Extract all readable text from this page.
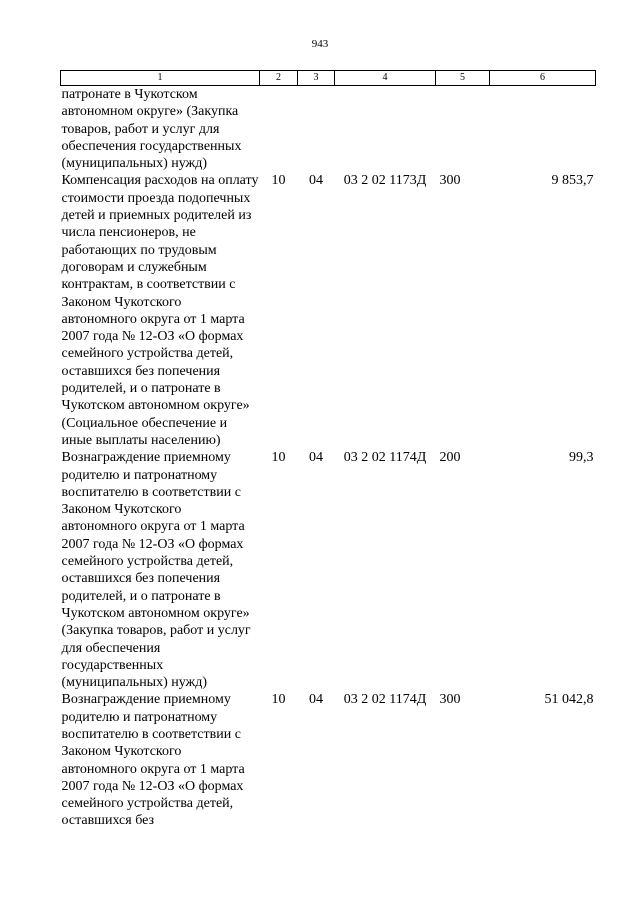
943
1	2	3	4	5	6
патронате в Чукотском автономном округе» (Закупка товаров, работ и услуг для обеспечения государственных (муниципальных) нужд)					
Компенсация расходов на оплату стоимости проезда подопечных детей и приемных родителей из числа пенсионеров, не работающих по трудовым договорам и служебным контрактам, в соответствии с Законом Чукотского автономного округа от 1 марта 2007 года № 12-ОЗ «О формах семейного устройства детей, оставшихся без попечения родителей, и о патронате в Чукотском автономном округе» (Социальное обеспечение и иные выплаты населению)	10	04	03 2 02 1173Д	300	9 853,7
Вознаграждение приемному родителю и патронатному воспитателю в соответствии с Законом Чукотского автономного округа от 1 марта 2007 года № 12-ОЗ «О формах семейного устройства детей, оставшихся без попечения родителей, и о патронате в Чукотском автономном округе» (Закупка товаров, работ и услуг для обеспечения государственных (муниципальных) нужд)	10	04	03 2 02 1174Д	200	99,3
Вознаграждение приемному родителю и патронатному воспитателю в соответствии с Законом Чукотского автономного округа от 1 марта 2007 года № 12-ОЗ «О формах семейного устройства детей, оставшихся без	10	04	03 2 02 1174Д	300	51 042,8
